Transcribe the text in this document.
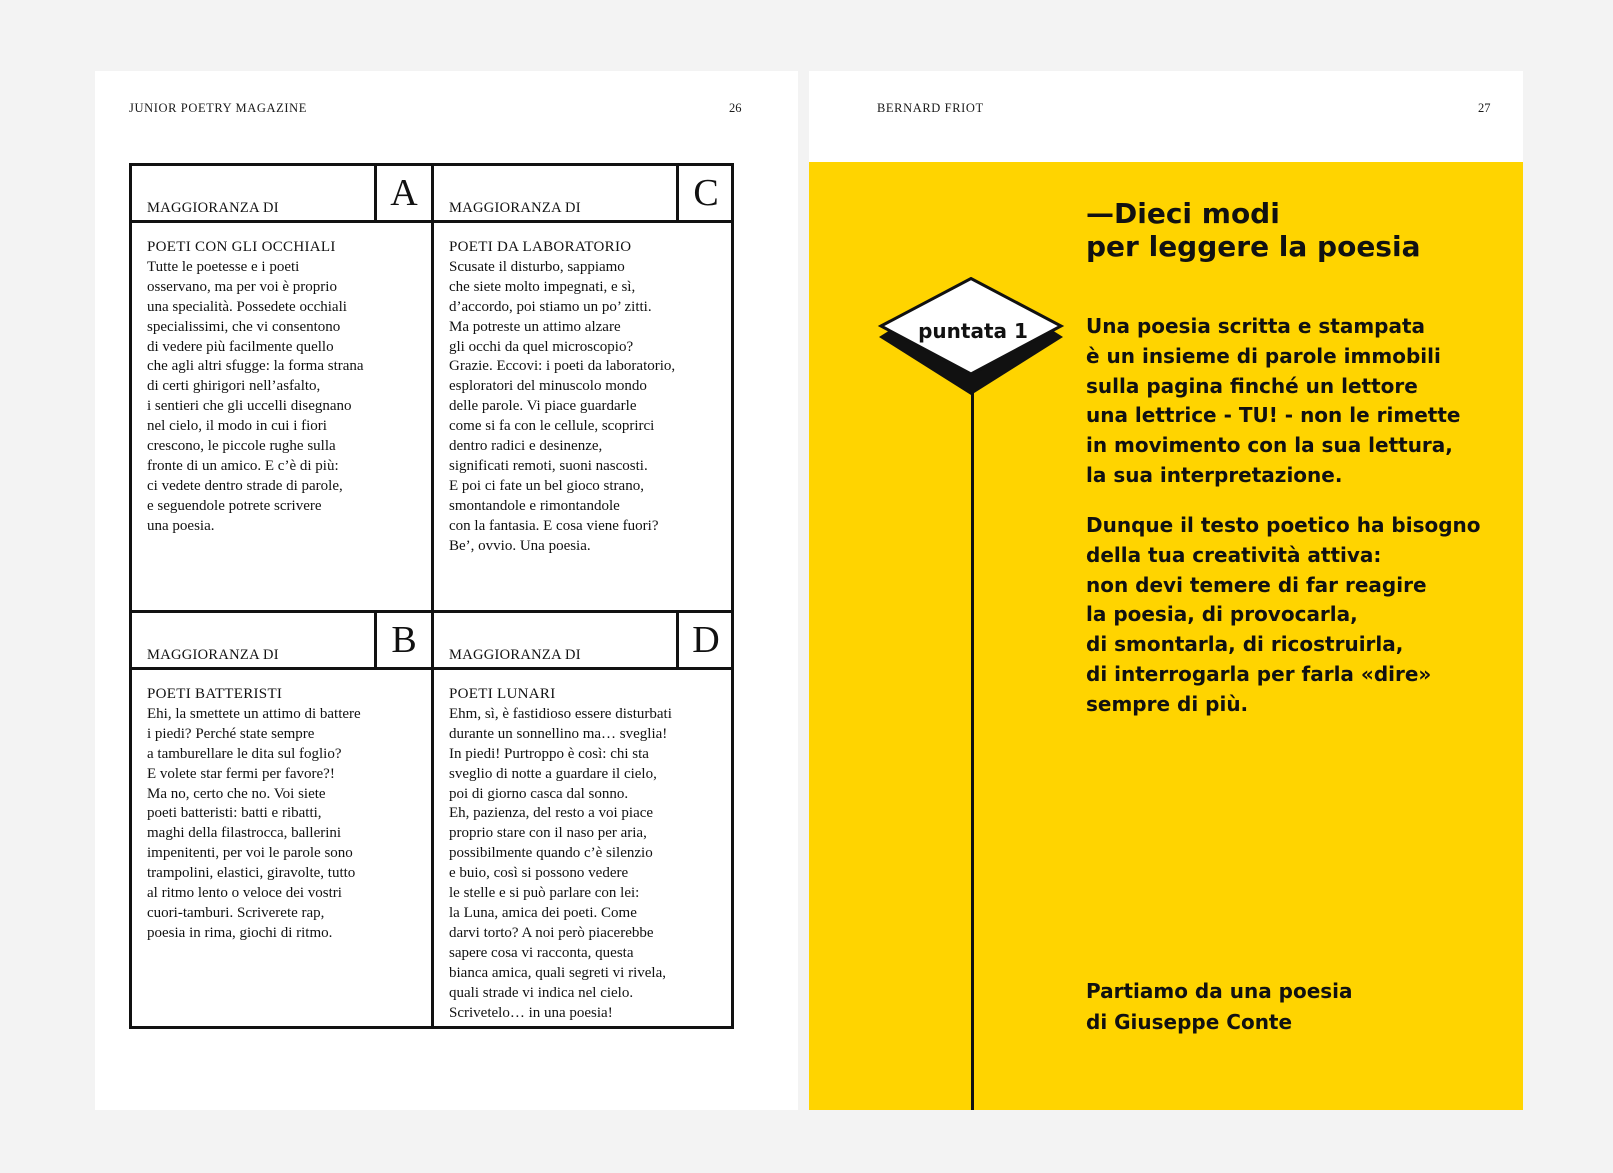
JUNIOR POETRY MAGAZINE	26
MAGGIORANZA DI	A
POETI CON GLI OCCHIALI
Tutte le poetesse e i poeti
osservano, ma per voi è proprio
una specialità. Possedete occhiali
specialissimi, che vi consentono
di vedere più facilmente quello
che agli altri sfugge: la forma strana
di certi ghirigori nell’asfalto,
i sentieri che gli uccelli disegnano
nel cielo, il modo in cui i fiori
crescono, le piccole rughe sulla
fronte di un amico. E c’è di più:
ci vedete dentro strade di parole,
e seguendole potrete scrivere
una poesia.
MAGGIORANZA DI	C
POETI DA LABORATORIO
Scusate il disturbo, sappiamo
che siete molto impegnati, e sì,
d’accordo, poi stiamo un po’ zitti.
Ma potreste un attimo alzare
gli occhi da quel microscopio?
Grazie. Eccovi: i poeti da laboratorio,
esploratori del minuscolo mondo
delle parole. Vi piace guardarle
come si fa con le cellule, scoprirci
dentro radici e desinenze,
significati remoti, suoni nascosti.
E poi ci fate un bel gioco strano,
smontandole e rimontandole
con la fantasia. E cosa viene fuori?
Be’, ovvio. Una poesia.
MAGGIORANZA DI	B
POETI BATTERISTI
Ehi, la smettete un attimo di battere
i piedi? Perché state sempre
a tamburellare le dita sul foglio?
E volete star fermi per favore?!
Ma no, certo che no. Voi siete
poeti batteristi: batti e ribatti,
maghi della filastrocca, ballerini
impenitenti, per voi le parole sono
trampolini, elastici, giravolte, tutto
al ritmo lento o veloce dei vostri
cuori-tamburi. Scriverete rap,
poesia in rima, giochi di ritmo.
MAGGIORANZA DI	D
POETI LUNARI
Ehm, sì, è fastidioso essere disturbati
durante un sonnellino ma… sveglia!
In piedi! Purtroppo è così: chi sta
sveglio di notte a guardare il cielo,
poi di giorno casca dal sonno.
Eh, pazienza, del resto a voi piace
proprio stare con il naso per aria,
possibilmente quando c’è silenzio
e buio, così si possono vedere
le stelle e si può parlare con lei:
la Luna, amica dei poeti. Come
darvi torto? A noi però piacerebbe
sapere cosa vi racconta, questa
bianca amica, quali segreti vi rivela,
quali strade vi indica nel cielo.
Scrivetelo… in una poesia!
BERNARD FRIOT	27
—Dieci modi
per leggere la poesia
puntata 1	Una poesia scritta e stampata
è un insieme di parole immobili
sulla pagina finché un lettore
una lettrice - TU! - non le rimette
in movimento con la sua lettura,
la sua interpretazione.
Dunque il testo poetico ha bisogno
della tua creatività attiva:
non devi temere di far reagire
la poesia, di provocarla,
di smontarla, di ricostruirla,
di interrogarla per farla «dire»
sempre di più.
Partiamo da una poesia
di Giuseppe Conte
